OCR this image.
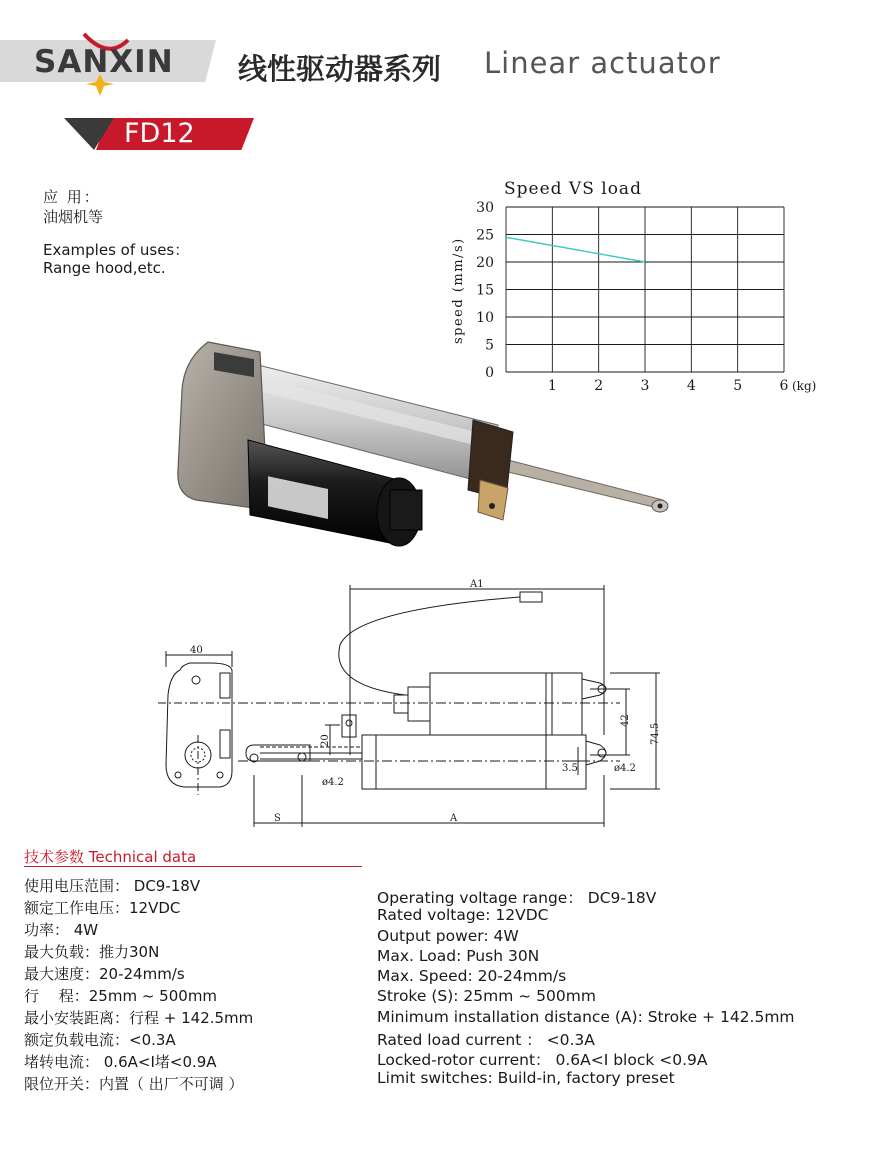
SANXIN 线性驱动器系列 Linear actuator
FD12
应 用：
油烟机等
Examples of uses：
Range hood,etc.
Speed VS load
speed (mm/s)
0
5
10
15
20
25
30
1	2	3	4	5	6 (kg)
A1
40
42
74.5
20
3.5
ø4.2
ø4.2
S	A
技术参数 Technical data
使用电压范围： DC9-18V
额定工作电压：12VDC
功率： 4W
最大负载：推力30N
最大速度：20-24mm/s
行　 程：25mm ~ 500mm
最小安装距离：行程 + 142.5mm
额定负载电流：<0.3A
堵转电流： 0.6A<I堵<0.9A
限位开关：内置（ 出厂不可调 ）
Operating voltage range： DC9-18V
Rated voltage: 12VDC
Output power: 4W
Max. Load: Push 30N
Max. Speed: 20-24mm/s
Stroke (S): 25mm ~ 500mm
Minimum installation distance (A): Stroke + 142.5mm
Rated load current ： <0.3A
Locked-rotor current： 0.6A<I block <0.9A
Limit switches: Build-in, factory preset
